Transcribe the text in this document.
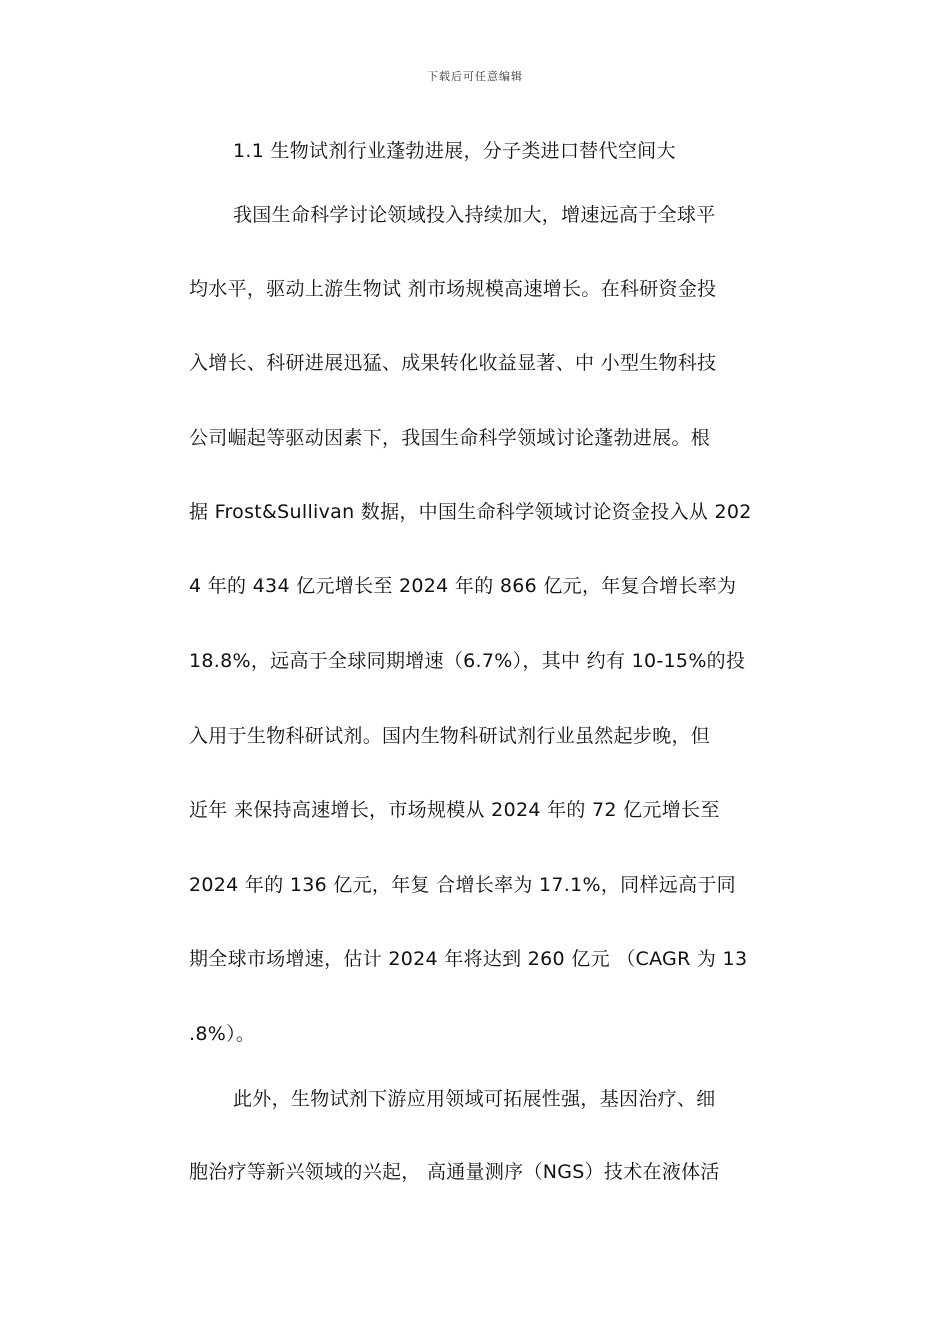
下载后可任意编辑
1.1 生物试剂行业蓬勃进展，分子类进口替代空间大
我国生命科学讨论领域投入持续加大，增速远高于全球平
均水平，驱动上游生物试 剂市场规模高速增长。在科研资金投
入增长、科研进展迅猛、成果转化收益显著、中 小型生物科技
公司崛起等驱动因素下，我国生命科学领域讨论蓬勃进展。根
据 Frost&Sullivan 数据，中国生命科学领域讨论资金投入从 202
4 年的 434 亿元增长至 2024 年的 866 亿元，年复合增长率为
18.8%，远高于全球同期增速（6.7%），其中 约有 10-15%的投
入用于生物科研试剂。国内生物科研试剂行业虽然起步晚，但
近年 来保持高速增长，市场规模从 2024 年的 72 亿元增长至
2024 年的 136 亿元，年复 合增长率为 17.1%，同样远高于同
期全球市场增速，估计 2024 年将达到 260 亿元 （CAGR 为 13
.8%）。
此外，生物试剂下游应用领域可拓展性强，基因治疗、细
胞治疗等新兴领域的兴起， 高通量测序（NGS）技术在液体活
